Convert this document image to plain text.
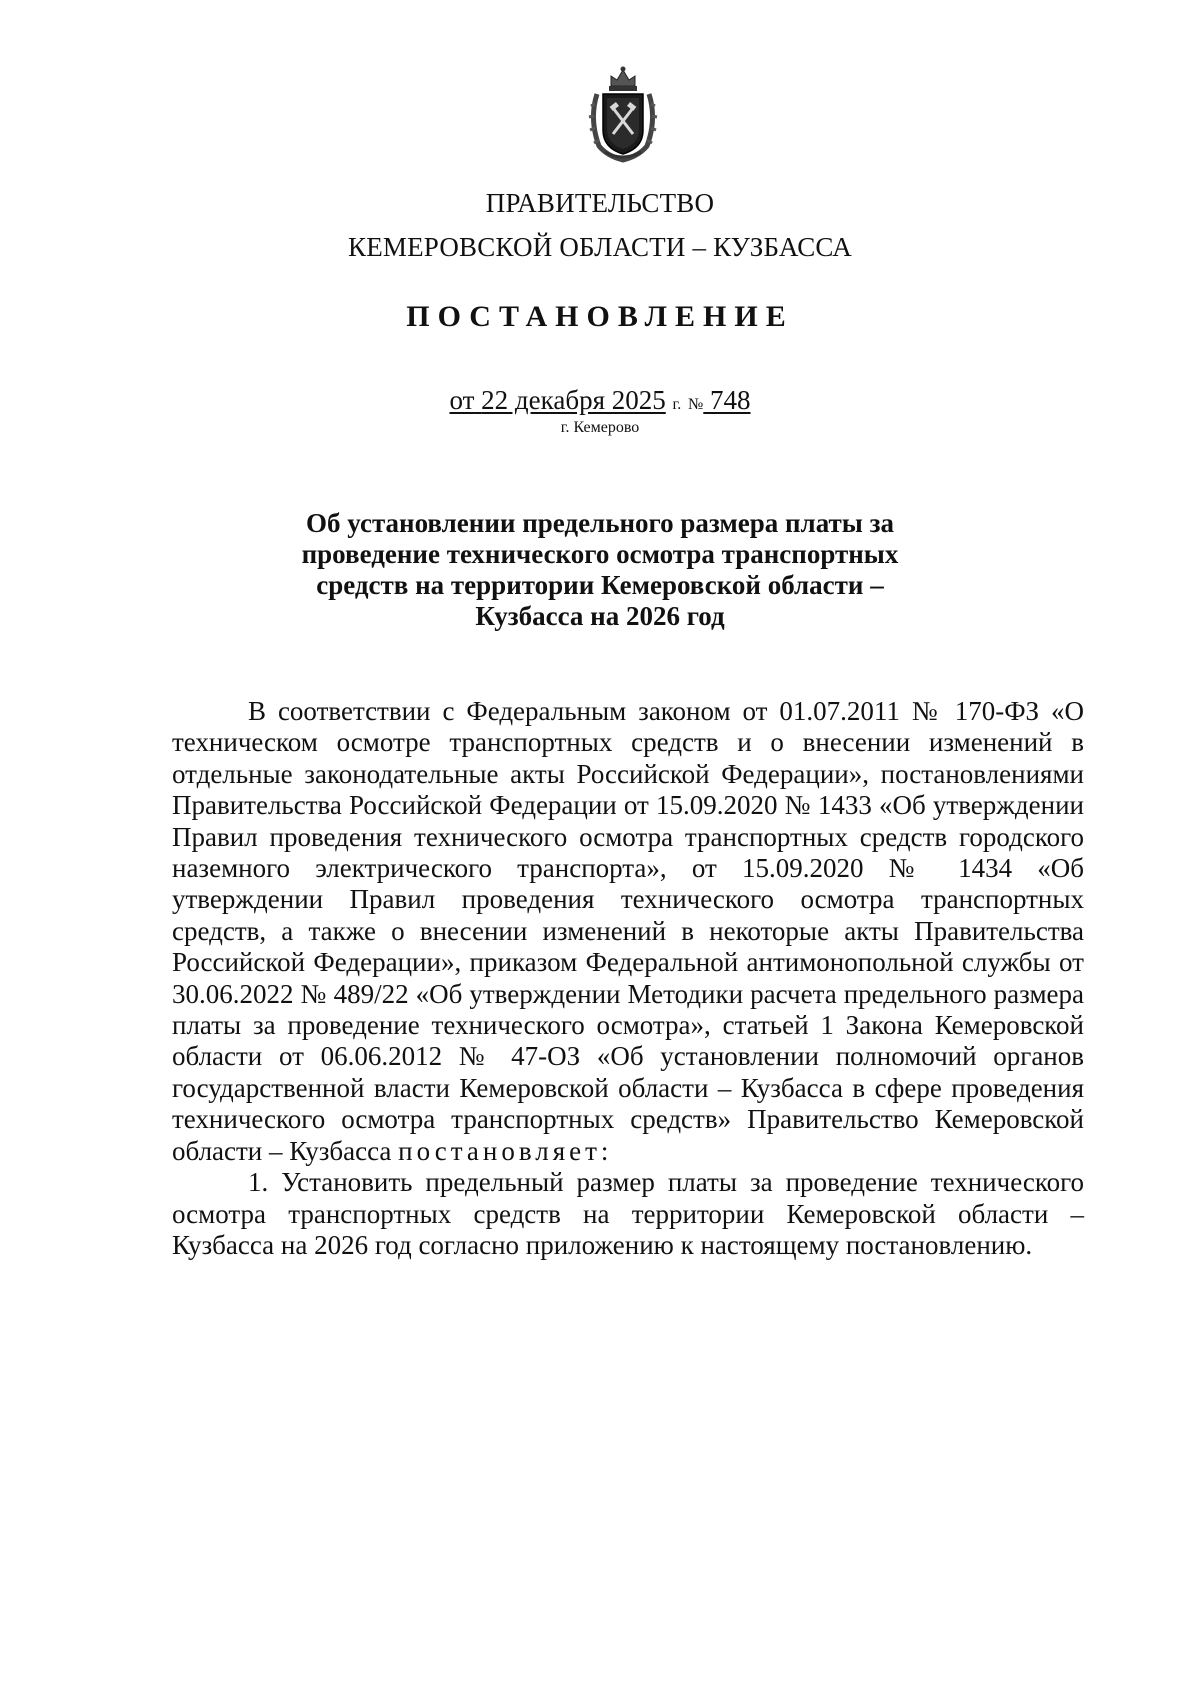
ПРАВИТЕЛЬСТВО
КЕМЕРОВСКОЙ ОБЛАСТИ – КУЗБАССА
ПОСТАНОВЛЕНИЕ
от 22 декабря 2025 г. № 748
г. Кемерово
Об установлении предельного размера платы за проведение технического осмотра транспортных средств на территории Кемеровской области – Кузбасса на 2026 год

В соответствии с Федеральным законом от 01.07.2011 № 170-ФЗ «О техническом осмотре транспортных средств и о внесении изменений в отдельные законодательные акты Российской Федерации», постановлениями Правительства Российской Федерации от 15.09.2020 № 1433 «Об утверждении Правил проведения технического осмотра транспортных средств городского наземного электрического транспорта», от 15.09.2020 № 1434 «Об утверждении Правил проведения технического осмотра транспортных средств, а также о внесении изменений в некоторые акты Правительства Российской Федерации», приказом Федеральной антимонопольной службы от 30.06.2022 № 489/22 «Об утверждении Методики расчета предельного размера платы за проведение технического осмотра», статьей 1 Закона Кемеровской области от 06.06.2012 № 47-ОЗ «Об установлении полномочий органов государственной власти Кемеровской области – Кузбасса в сфере проведения технического осмотра транспортных средств» Правительство Кемеровской области – Кузбасса постановляет:

1. Установить предельный размер платы за проведение технического осмотра транспортных средств на территории Кемеровской области – Кузбасса на 2026 год согласно приложению к настоящему постановлению.
